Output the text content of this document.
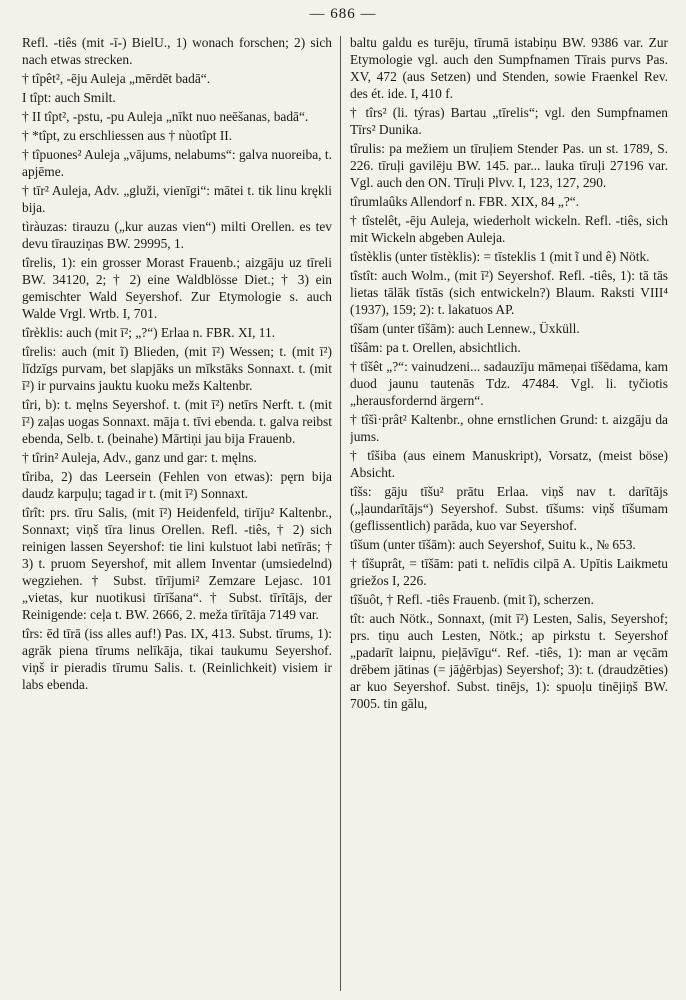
— 686 —

Refl. -tiês (mit -ī-) BielU., 1) wonach forschen; 2) sich nach etwas strecken.

† tîpêt², -ēju Auleja „mērdēt badā“.

I tîpt: auch Smilt.

† II tîpt², -pstu, -pu Auleja „nīkt nuo neēšanas, badā“.

† *tîpt, zu erschliessen aus † nùotîpt II.

† tîpuones² Auleja „vājums, nelabums“: galva nuoreiba, t. apjēme.

† tīr² Auleja, Adv. „gluži, vienīgi“: mātei t. tik linu krękli bija.

tìràuzas: tirauzu („kur auzas vien“) milti Orellen. es tev devu tīrauziņas BW. 29995, 1.

tîrelis, 1): ein grosser Morast Frauenb.; aizgāju uz tīreli BW. 34120, 2; † 2) eine Waldblösse Diet.; † 3) ein gemischter Wald Seyershof. Zur Etymologie s. auch Walde Vrgl. Wrtb. I, 701.

tîrèklis: auch (mit ī²; „?“) Erlaa n. FBR. XI, 11.

tîrelis: auch (mit ĩ) Blieden, (mit ī²) Wessen; t. (mit ī²) līdzīgs purvam, bet slapjāks un mīkstāks Sonnaxt. t. (mit ī²) ir purvains jauktu kuoku mežs Kaltenbr.

tîri, b): t. męlns Seyershof. t. (mit ī²) netīrs Nerft. t. (mit ī²) zaļas uogas Sonnaxt. māja t. tīvi ebenda. t. galva reibst ebenda, Selb. t. (beinahe) Mārtiņi jau bija Frauenb.

† tîrin² Auleja, Adv., ganz und gar: t. męlns.

tîriba, 2) das Leersein (Fehlen von etwas): pęrn bija daudz karpuļu; tagad ir t. (mit ī²) Sonnaxt.

tîrît: prs. tīru Salis, (mit ī²) Heidenfeld, tirīju² Kaltenbr., Sonnaxt; viņš tīra linus Orellen. Refl. -tiês, † 2) sich reinigen lassen Seyershof: tie lini kulstuot labi netīrās; † 3) t. pruom Seyershof, mit allem Inventar (umsiedelnd) wegziehen. † Subst. tīrījumi² Zemzare Lejasc. 101 „vietas, kur nuotikusi tīrīšana“. † Subst. tīrītājs, der Reinigende: ceļa t. BW. 2666, 2. meža tīrītāja 7149 var.

tîrs: ēd tīrā (iss alles auf!) Pas. IX, 413. Subst. tīrums, 1): agrāk piena tīrums nelīkāja, tikai taukumu Seyershof. viņš ir pieradis tīrumu Salis. t. (Reinlichkeit) visiem ir labs ebenda.

baltu galdu es turēju, tīrumā istabiņu BW. 9386 var. Zur Etymologie vgl. auch den Sumpfnamen Tīrais purvs Pas. XV, 472 (aus Setzen) und Stenden, sowie Fraenkel Rev. des ét. ide. I, 410 f.

† tîrs² (li. týras) Bartau „tīrelis“; vgl. den Sumpfnamen Tīrs² Dunika.

tîrulis: pa mežiem un tīruļiem Stender Pas. un st. 1789, S. 226. tīruļi gavilēju BW. 145. par... lauka tīruļi 27196 var. Vgl. auch den ON. Tīruļi Plvv. I, 123, 127, 290.

tîrumlaûks Allendorf n. FBR. XIX, 84 „?“.

† tîstelêt, -ēju Auleja, wiederholt wickeln. Refl. -tiês, sich mit Wickeln abgeben Auleja.

tîstèklis (unter tīstèklis): = tīsteklis 1 (mit ĩ und ê) Nötk.

tîstît: auch Wolm., (mit ī²) Seyershof. Refl. -tiês, 1): tā tās lietas tālāk tīstās (sich entwickeln?) Blaum. Raksti VIII⁴ (1937), 159; 2): t. lakatuos AP.

tîšam (unter tīšām): auch Lennew., Üxküll.

tîšâm: pa t. Orellen, absichtlich.

† tîšêt „?“: vainudzeni... sadauzīju māmeņai tīšēdama, kam duod jaunu tautenās Tdz. 47484. Vgl. li. tyčiotis „herausfordernd ärgern“.

† tîšì·prât² Kaltenbr., ohne ernstlichen Grund: t. aizgāju da jums.

† tîšiba (aus einem Manuskript), Vorsatz, (meist böse) Absicht.

tîšs: gāju tīšu² prātu Erlaa. viņš nav t. darītājs („ļaundarītājs“) Seyershof. Subst. tīšums: viņš tīšumam (geflissentlich) parāda, kuo var Seyershof.

tîšum (unter tīšām): auch Seyershof, Suitu k., № 653.

† tîšuprât, = tīšām: pati t. nelīdis cilpā A. Upītis Laikmetu griežos I, 226.

tîšuôt, † Refl. -tiês Frauenb. (mit ĩ), scherzen.

tît: auch Nötk., Sonnaxt, (mit ī²) Lesten, Salis, Seyershof; prs. tiņu auch Lesten, Nötk.; ap pirkstu t. Seyershof „padarīt laipnu, pieļāvīgu“. Ref. -tiês, 1): man ar vęcām drēbem jātinas (= jāģērbjas) Seyershof; 3): t. (draudzēties) ar kuo Seyershof. Subst. tinējs, 1): spuoļu tinējiņš BW. 7005. tin gālu,
